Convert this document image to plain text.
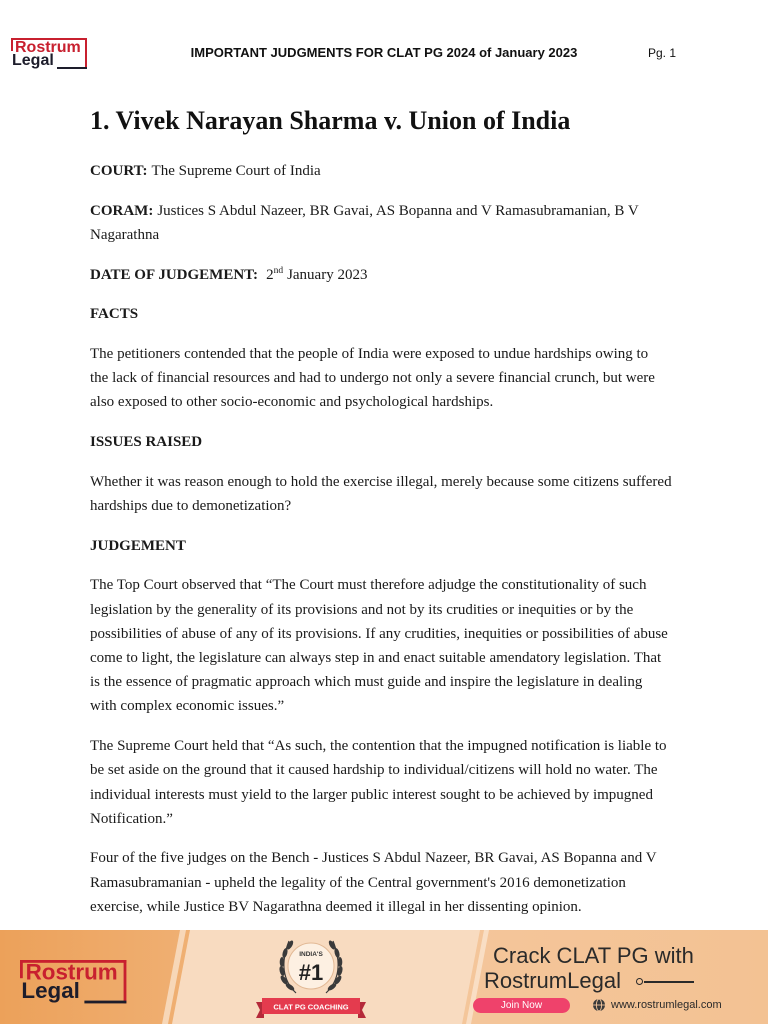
Rostrum
Legal	IMPORTANT JUDGMENTS FOR CLAT PG 2024 of January 2023	Pg. 1
1. Vivek Narayan Sharma v. Union of India
COURT: The Supreme Court of India
CORAM: Justices S Abdul Nazeer, BR Gavai, AS Bopanna and V Ramasubramanian, B V
Nagarathna
DATE OF JUDGEMENT: 2nd January 2023
FACTS
The petitioners contended that the people of India were exposed to undue hardships owing to
the lack of financial resources and had to undergo not only a severe financial crunch, but were
also exposed to other socio-economic and psychological hardships.
ISSUES RAISED
Whether it was reason enough to hold the exercise illegal, merely because some citizens suffered
hardships due to demonetization?
JUDGEMENT
The Top Court observed that “The Court must therefore adjudge the constitutionality of such
legislation by the generality of its provisions and not by its crudities or inequities or by the
possibilities of abuse of any of its provisions. If any crudities, inequities or possibilities of abuse
come to light, the legislature can always step in and enact suitable amendatory legislation. That
is the essence of pragmatic approach which must guide and inspire the legislature in dealing
with complex economic issues.”
The Supreme Court held that “As such, the contention that the impugned notification is liable to
be set aside on the ground that it caused hardship to individual/citizens will hold no water. The
individual interests must yield to the larger public interest sought to be achieved by impugned
Notification.”
Four of the five judges on the Bench - Justices S Abdul Nazeer, BR Gavai, AS Bopanna and V
Ramasubramanian - upheld the legality of the Central government's 2016 demonetization
exercise, while Justice BV Nagarathna deemed it illegal in her dissenting opinion.
Rostrum
Legal
INDIA'S
#1
CLAT PG COACHING
Crack CLAT PG with
RostrumLegal
Join Now	www.rostrumlegal.com
